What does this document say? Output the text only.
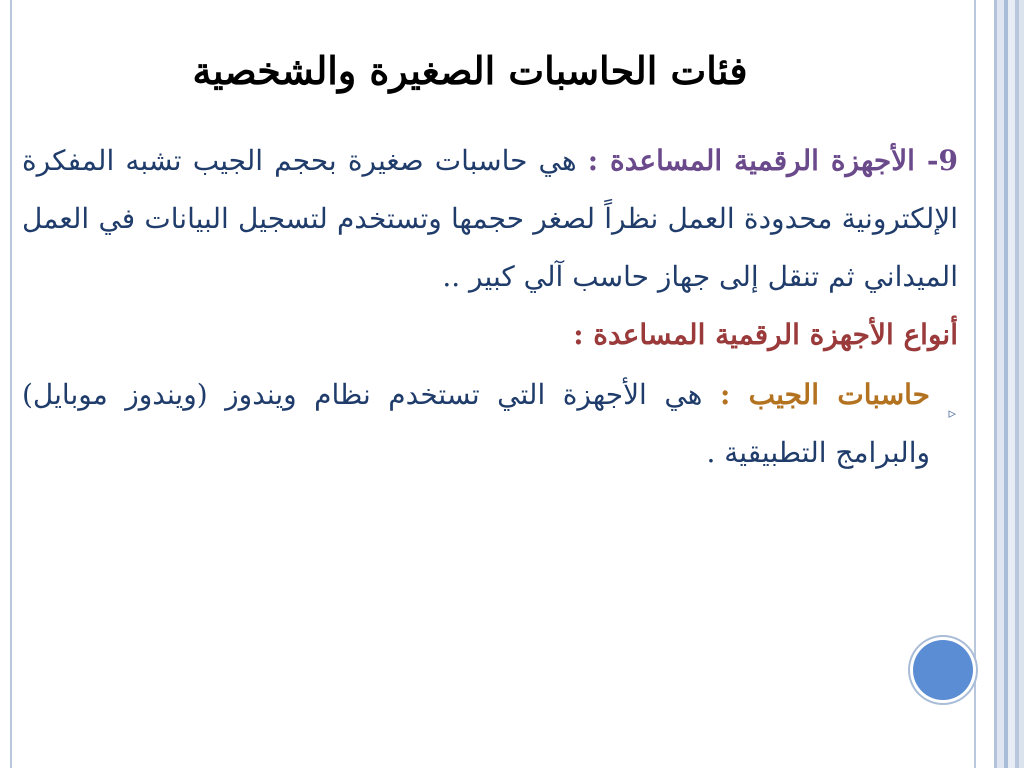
فئات الحاسبات الصغيرة والشخصية

9- الأجهزة الرقمية المساعدة : هي حاسبات صغيرة بحجم الجيب تشبه المفكرة الإلكترونية محدودة العمل نظراً لصغر حجمها وتستخدم لتسجيل البيانات في العمل الميداني ثم تنقل إلى جهاز حاسب آلي كبير ..

أنواع الأجهزة الرقمية المساعدة :

▹
حاسبات الجيب : هي الأجهزة التي تستخدم نظام ويندوز (ويندوز موبايل) والبرامج التطبيقية .
